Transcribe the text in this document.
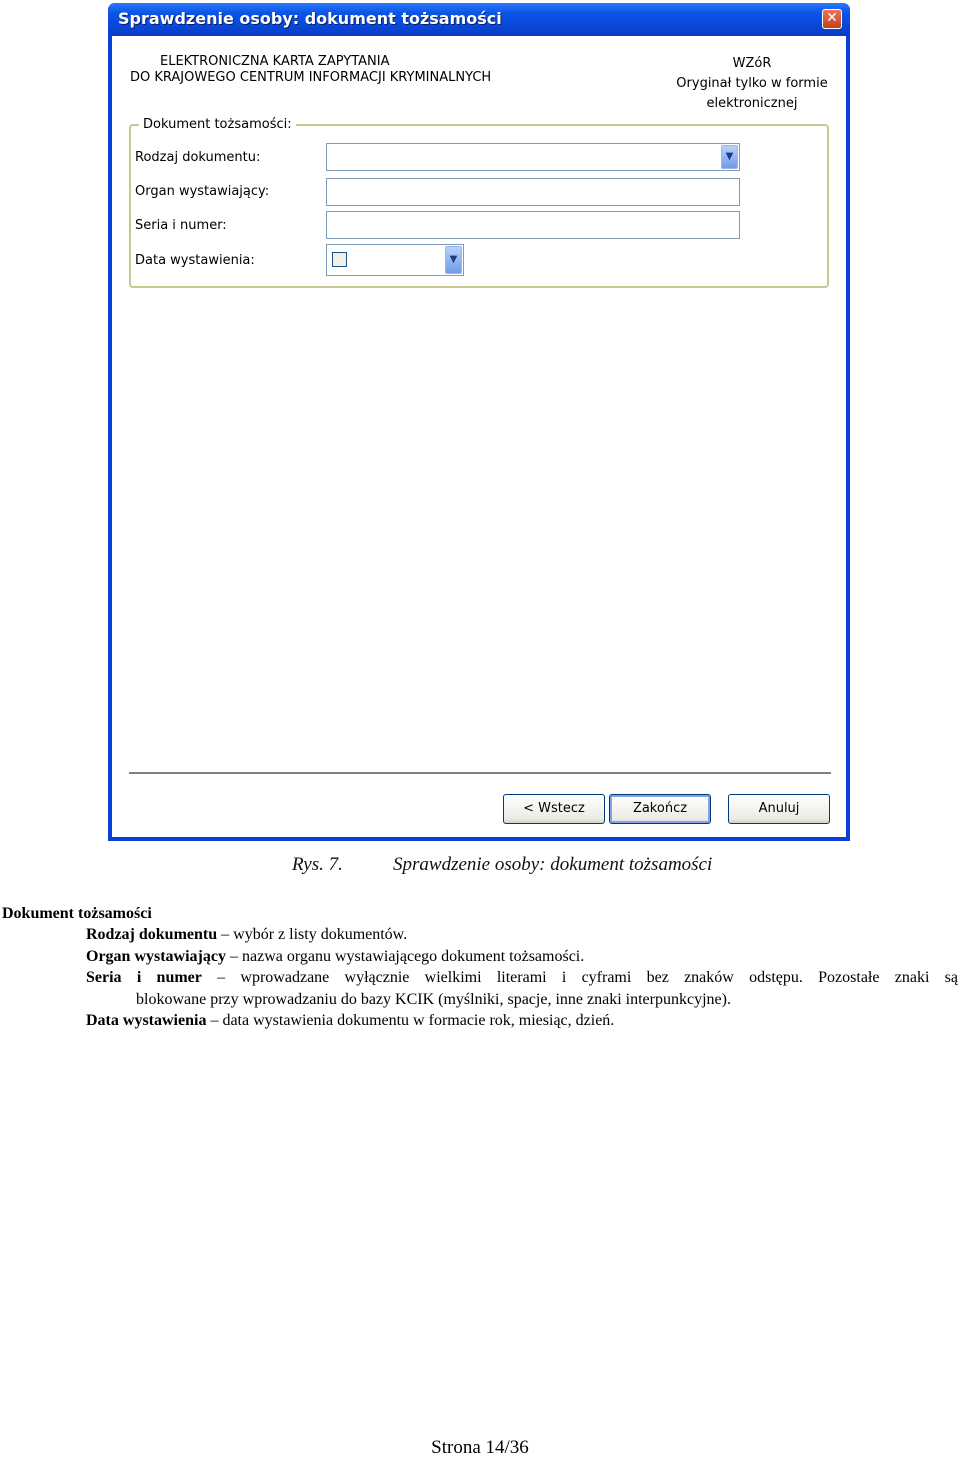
Sprawdzenie osoby: dokument tożsamości	✕
ELEKTRONICZNA KARTA ZAPYTANIA
DO KRAJOWEGO CENTRUM INFORMACJI KRYMINALNYCH
WZóR
Oryginał tylko w formie
elektronicznej
Dokument tożsamości:
Rodzaj dokumentu:	▼
Organ wystawiający:
Seria i numer:
Data wystawienia:	▼
< Wstecz	Zakończ	Anuluj
Rys. 7.	Sprawdzenie osoby: dokument tożsamości
Dokument tożsamości
Rodzaj dokumentu – wybór z listy dokumentów.
Organ wystawiający – nazwa organu wystawiającego dokument tożsamości.
Seria i numer – wprowadzane wyłącznie wielkimi literami i cyframi bez znaków odstępu. Pozostałe znaki są
blokowane przy wprowadzaniu do bazy KCIK (myślniki, spacje, inne znaki interpunkcyjne).
Data wystawienia – data wystawienia dokumentu w formacie rok, miesiąc, dzień.
Strona 14/36
